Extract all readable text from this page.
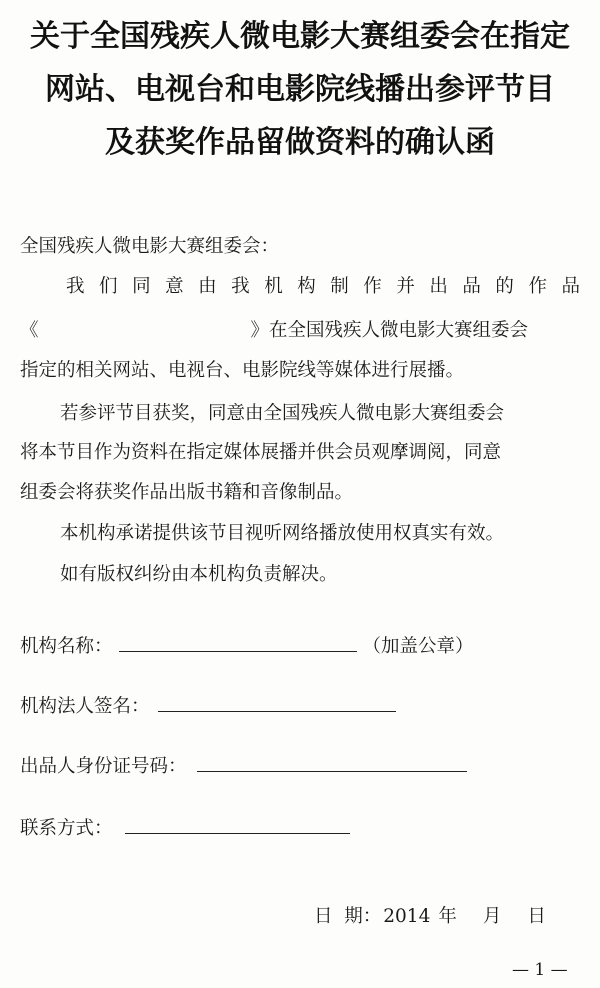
关于全国残疾人微电影大赛组委会在指定
网站、电视台和电影院线播出参评节目
及获奖作品留做资料的确认函
全国残疾人微电影大赛组委会：
我 们 同 意 由 我 机 构 制 作 并 出 品 的 作 品
《	》在全国残疾人微电影大赛组委会
指定的相关网站、电视台、电影院线等媒体进行展播。
若参评节目获奖，同意由全国残疾人微电影大赛组委会
将本节目作为资料在指定媒体展播并供会员观摩调阅，同意
组委会将获奖作品出版书籍和音像制品。
本机构承诺提供该节目视听网络播放使用权真实有效。
如有版权纠纷由本机构负责解决。
机构名称：	（加盖公章）
机构法人签名：
出品人身份证号码：
联系方式：
日  期： 2014 年 月 日
— 1 —
